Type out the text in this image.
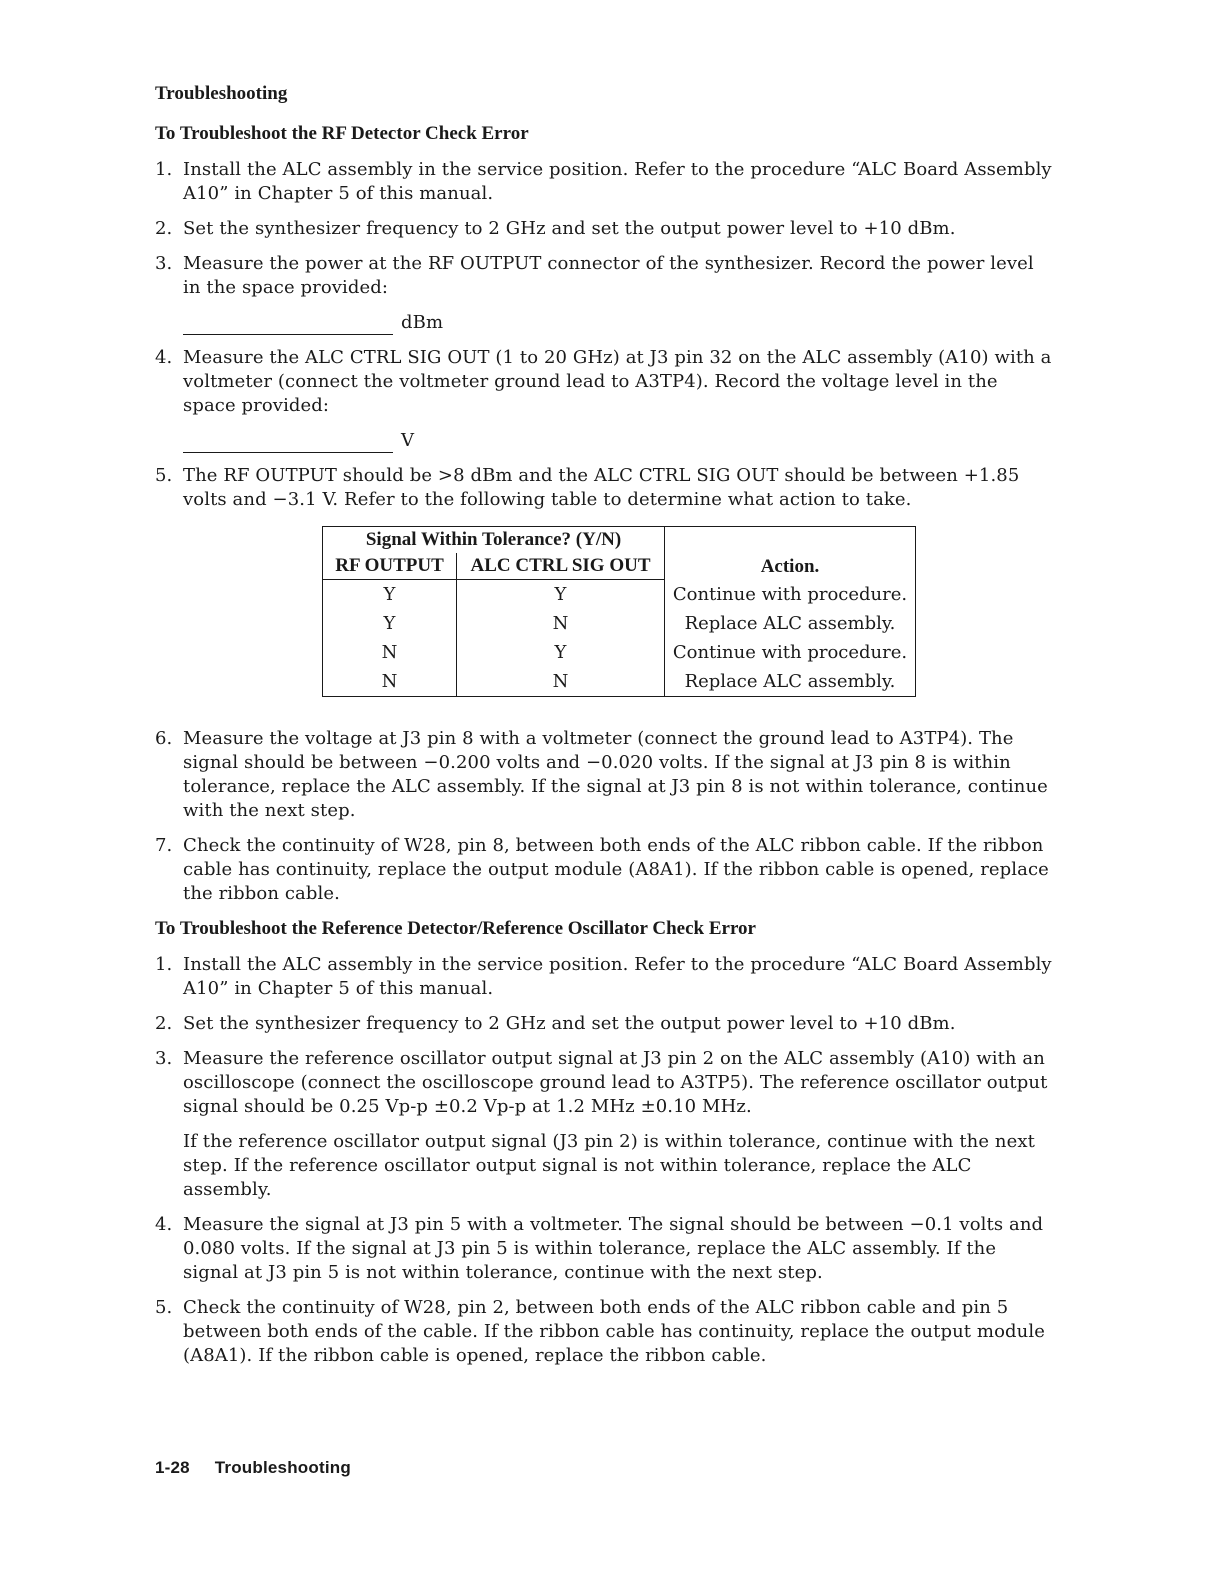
Troubleshooting
To Troubleshoot the RF Detector Check Error
1. Install the ALC assembly in the service position. Refer to the procedure “ALC Board Assembly A10” in Chapter 5 of this manual.

2. Set the synthesizer frequency to 2 GHz and set the output power level to +10 dBm.

3. Measure the power at the RF OUTPUT connector of the synthesizer. Record the power level in the space provided:

dBm
4. Measure the ALC CTRL SIG OUT (1 to 20 GHz) at J3 pin 32 on the ALC assembly (A10) with a voltmeter (connect the voltmeter ground lead to A3TP4). Record the voltage level in the space provided:

V
5. The RF OUTPUT should be >8 dBm and the ALC CTRL SIG OUT should be between +1.85 volts and −3.1 V. Refer to the following table to determine what action to take.

Signal Within Tolerance? (Y/N)		Action.
RF OUTPUT	ALC CTRL SIG OUT	
Y	Y	Continue with procedure.
Y	N	Replace ALC assembly.
N	Y	Continue with procedure.
N	N	Replace ALC assembly.
6. Measure the voltage at J3 pin 8 with a voltmeter (connect the ground lead to A3TP4). The signal should be between −0.200 volts and −0.020 volts. If the signal at J3 pin 8 is within tolerance, replace the ALC assembly. If the signal at J3 pin 8 is not within tolerance, continue with the next step.

7. Check the continuity of W28, pin 8, between both ends of the ALC ribbon cable. If the ribbon cable has continuity, replace the output module (A8A1). If the ribbon cable is opened, replace the ribbon cable.

To Troubleshoot the Reference Detector/Reference Oscillator Check Error
1. Install the ALC assembly in the service position. Refer to the procedure “ALC Board Assembly A10” in Chapter 5 of this manual.

2. Set the synthesizer frequency to 2 GHz and set the output power level to +10 dBm.

3. Measure the reference oscillator output signal at J3 pin 2 on the ALC assembly (A10) with an oscilloscope (connect the oscilloscope ground lead to A3TP5). The reference oscillator output signal should be 0.25 Vp-p ±0.2 Vp-p at 1.2 MHz ±0.10 MHz.

If the reference oscillator output signal (J3 pin 2) is within tolerance, continue with the next step. If the reference oscillator output signal is not within tolerance, replace the ALC assembly.

4. Measure the signal at J3 pin 5 with a voltmeter. The signal should be between −0.1 volts and 0.080 volts. If the signal at J3 pin 5 is within tolerance, replace the ALC assembly. If the signal at J3 pin 5 is not within tolerance, continue with the next step.

5. Check the continuity of W28, pin 2, between both ends of the ALC ribbon cable and pin 5 between both ends of the cable. If the ribbon cable has continuity, replace the output module (A8A1). If the ribbon cable is opened, replace the ribbon cable.

1-28 Troubleshooting
